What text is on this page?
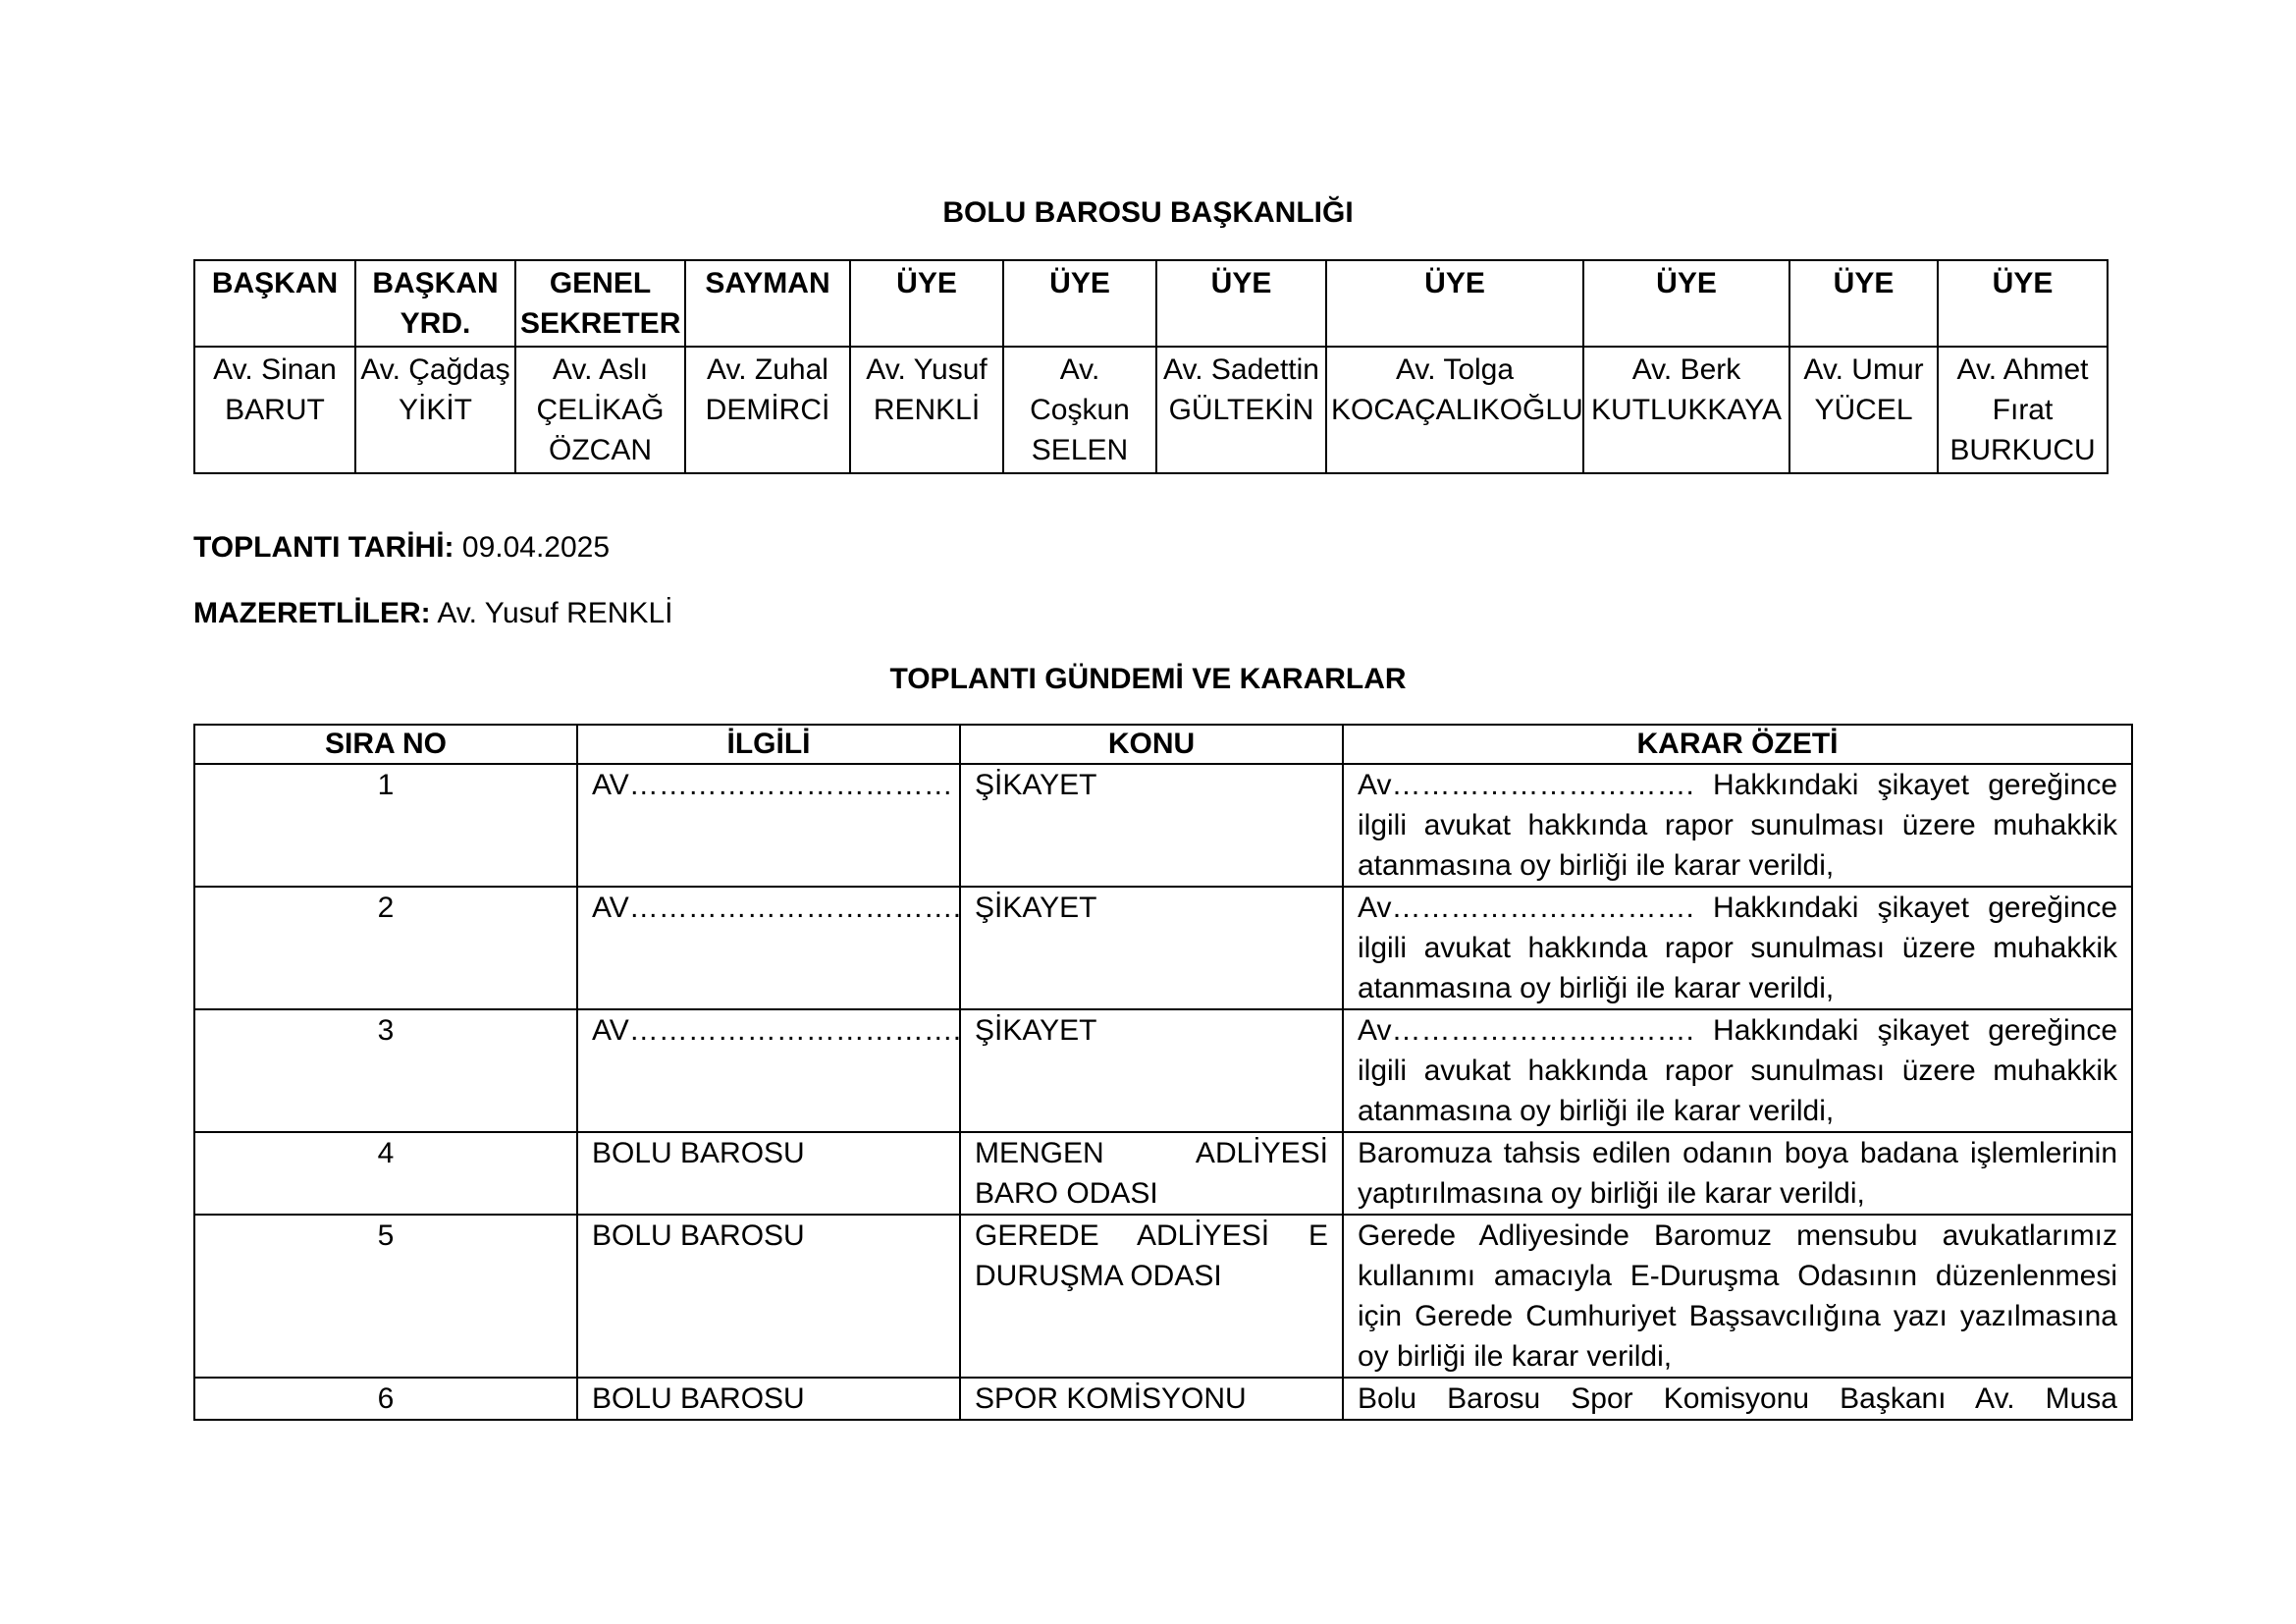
BOLU BAROSU BAŞKANLIĞI
BAŞKAN	BAŞKAN YRD.	GENEL SEKRETER	SAYMAN	ÜYE	ÜYE	ÜYE	ÜYE	ÜYE	ÜYE	ÜYE
Av. Sinan BARUT	Av. Çağdaş YİKİT	Av. Aslı ÇELİKAĞ ÖZCAN	Av. Zuhal DEMİRCİ	Av. Yusuf RENKLİ	Av. Coşkun SELEN	Av. Sadettin GÜLTEKİN	Av. Tolga KOCAÇALIKOĞLU	Av. Berk KUTLUKKAYA	Av. Umur YÜCEL	Av. Ahmet Fırat BURKUCU
TOPLANTI TARİHİ: 09.04.2025
MAZERETLİLER: Av. Yusuf RENKLİ
TOPLANTI GÜNDEMİ VE KARARLAR
SIRA NO	İLGİLİ	KONU	KARAR ÖZETİ
1	AV……………………………	ŞİKAYET	Av…………………………. Hakkındaki şikayet gereğince ilgili avukat hakkında rapor sunulması üzere muhakkik atanmasına oy birliği ile karar verildi,
2	AV…………………………….	ŞİKAYET	Av…………………………. Hakkındaki şikayet gereğince ilgili avukat hakkında rapor sunulması üzere muhakkik atanmasına oy birliği ile karar verildi,
3	AV…………………………….	ŞİKAYET	Av…………………………. Hakkındaki şikayet gereğince ilgili avukat hakkında rapor sunulması üzere muhakkik atanmasına oy birliği ile karar verildi,
4	BOLU BAROSU	MENGEN ADLİYESİ BARO ODASI	Baromuza tahsis edilen odanın boya badana işlemlerinin yaptırılmasına oy birliği ile karar verildi,
5	BOLU BAROSU	GEREDE ADLİYESİ E DURUŞMA ODASI	Gerede Adliyesinde Baromuz mensubu avukatlarımız kullanımı amacıyla E-Duruşma Odasının düzenlenmesi için Gerede Cumhuriyet Başsavcılığına yazı yazılmasına oy birliği ile karar verildi,
6	BOLU BAROSU	SPOR KOMİSYONU	Bolu Barosu Spor Komisyonu Başkanı Av. Musa
